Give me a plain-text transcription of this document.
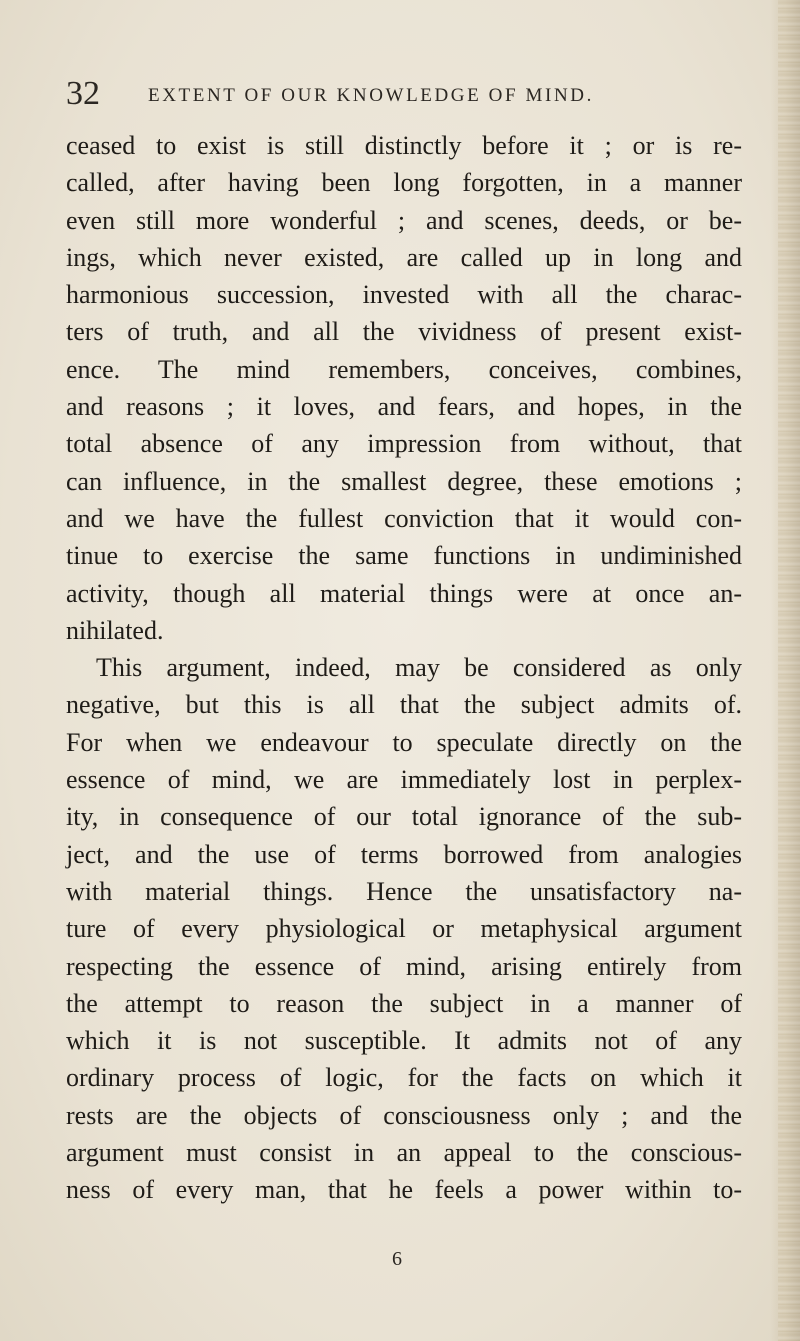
32	EXTENT OF OUR KNOWLEDGE OF MIND.
ceased to exist is still distinctly before it ; or is re-
called, after having been long forgotten, in a manner
even still more wonderful ; and scenes, deeds, or be-
ings, which never existed, are called up in long and
harmonious succession, invested with all the charac-
ters of truth, and all the vividness of present exist-
ence. The mind remembers, conceives, combines,
and reasons ; it loves, and fears, and hopes, in the
total absence of any impression from without, that
can influence, in the smallest degree, these emotions ;
and we have the fullest conviction that it would con-
tinue to exercise the same functions in undiminished
activity, though all material things were at once an-
nihilated.
This argument, indeed, may be considered as only
negative, but this is all that the subject admits of.
For when we endeavour to speculate directly on the
essence of mind, we are immediately lost in perplex-
ity, in consequence of our total ignorance of the sub-
ject, and the use of terms borrowed from analogies
with material things. Hence the unsatisfactory na-
ture of every physiological or metaphysical argument
respecting the essence of mind, arising entirely from
the attempt to reason the subject in a manner of
which it is not susceptible. It admits not of any
ordinary process of logic, for the facts on which it
rests are the objects of consciousness only ; and the
argument must consist in an appeal to the conscious-
ness of every man, that he feels a power within to-
6
